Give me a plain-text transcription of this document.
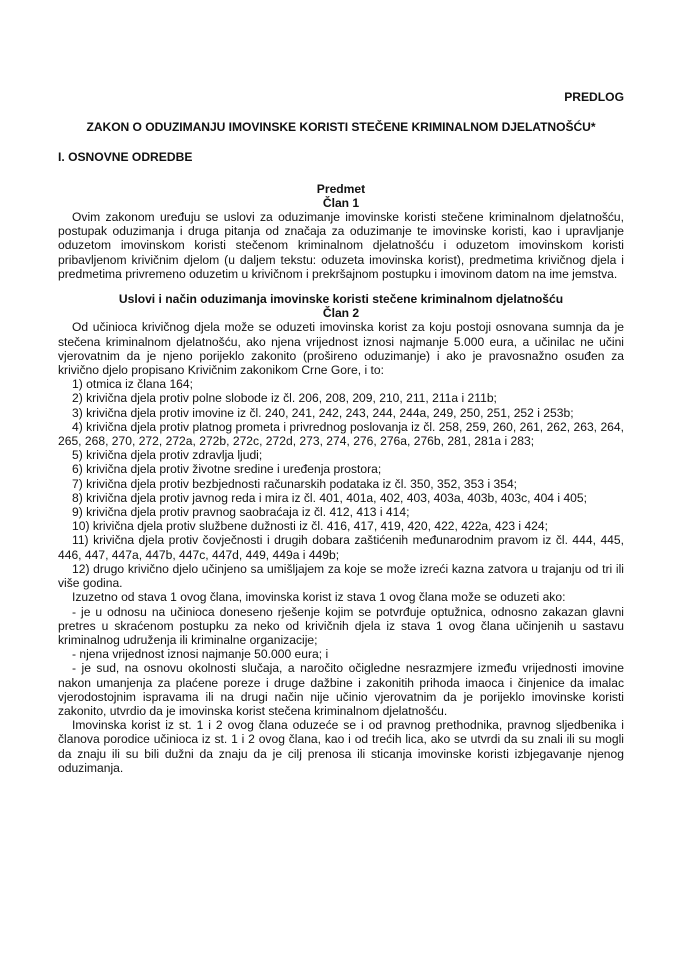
PREDLOG
ZAKON O ODUZIMANJU IMOVINSKE KORISTI STEČENE KRIMINALNOM DJELATNOŠĆU*
I. OSNOVNE ODREDBE
Predmet
Član 1

Ovim zakonom uređuju se uslovi za oduzimanje imovinske koristi stečene kriminalnom djelatnošću, postupak oduzimanja i druga pitanja od značaja za oduzimanje te imovinske koristi, kao i upravljanje oduzetom imovinskom koristi stečenom kriminalnom djelatnošću i oduzetom imovinskom koristi pribavljenom krivičnim djelom (u daljem tekstu: oduzeta imovinska korist), predmetima krivičnog djela i predmetima privremeno oduzetim u krivičnom i prekršajnom postupku i imovinom datom na ime jemstva.

Uslovi i način oduzimanja imovinske koristi stečene kriminalnom djelatnošću
Član 2

Od učinioca krivičnog djela može se oduzeti imovinska korist za koju postoji osnovana sumnja da je stečena kriminalnom djelatnošću, ako njena vrijednost iznosi najmanje 5.000 eura, a učinilac ne učini vjerovatnim da je njeno porijeklo zakonito (prošireno oduzimanje) i ako je pravosnažno osuđen za krivično djelo propisano Krivičnim zakonikom Crne Gore, i to:

1) otmica iz člana 164;

2) krivična djela protiv polne slobode iz čl. 206, 208, 209, 210, 211, 211a i 211b;

3) krivična djela protiv imovine iz čl. 240, 241, 242, 243, 244, 244a, 249, 250, 251, 252 i 253b;

4) krivična djela protiv platnog prometa i privrednog poslovanja iz čl. 258, 259, 260, 261, 262, 263, 264, 265, 268, 270, 272, 272a, 272b, 272c, 272d, 273, 274, 276, 276a, 276b, 281, 281a i 283;

5) krivična djela protiv zdravlja ljudi;

6) krivična djela protiv životne sredine i uređenja prostora;

7) krivična djela protiv bezbjednosti računarskih podataka iz čl. 350, 352, 353 i 354;

8) krivična djela protiv javnog reda i mira iz čl. 401, 401a, 402, 403, 403a, 403b, 403c, 404 i 405;

9) krivična djela protiv pravnog saobraćaja iz čl. 412, 413 i 414;

10) krivična djela protiv službene dužnosti iz čl. 416, 417, 419, 420, 422, 422a, 423 i 424;

11) krivična djela protiv čovječnosti i drugih dobara zaštićenih međunarodnim pravom iz čl. 444, 445, 446, 447, 447a, 447b, 447c, 447d, 449, 449a i 449b;

12) drugo krivično djelo učinjeno sa umišljajem za koje se može izreći kazna zatvora u trajanju od tri ili više godina.

Izuzetno od stava 1 ovog člana, imovinska korist iz stava 1 ovog člana može se oduzeti ako:

- je u odnosu na učinioca doneseno rješenje kojim se potvrđuje optužnica, odnosno zakazan glavni pretres u skraćenom postupku za neko od krivičnih djela iz stava 1 ovog člana učinjenih u sastavu kriminalnog udruženja ili kriminalne organizacije;

- njena vrijednost iznosi najmanje 50.000 eura; i

- je sud, na osnovu okolnosti slučaja, a naročito očigledne nesrazmjere između vrijednosti imovine nakon umanjenja za plaćene poreze i druge dažbine i zakonitih prihoda imaoca i činjenice da imalac vjerodostojnim ispravama ili na drugi način nije učinio vjerovatnim da je porijeklo imovinske koristi zakonito, utvrdio da je imovinska korist stečena kriminalnom djelatnošću.

Imovinska korist iz st. 1 i 2 ovog člana oduzeće se i od pravnog prethodnika, pravnog sljedbenika i članova porodice učinioca iz st. 1 i 2 ovog člana, kao i od trećih lica, ako se utvrdi da su znali ili su mogli da znaju ili su bili dužni da znaju da je cilj prenosa ili sticanja imovinske koristi izbjegavanje njenog oduzimanja.
